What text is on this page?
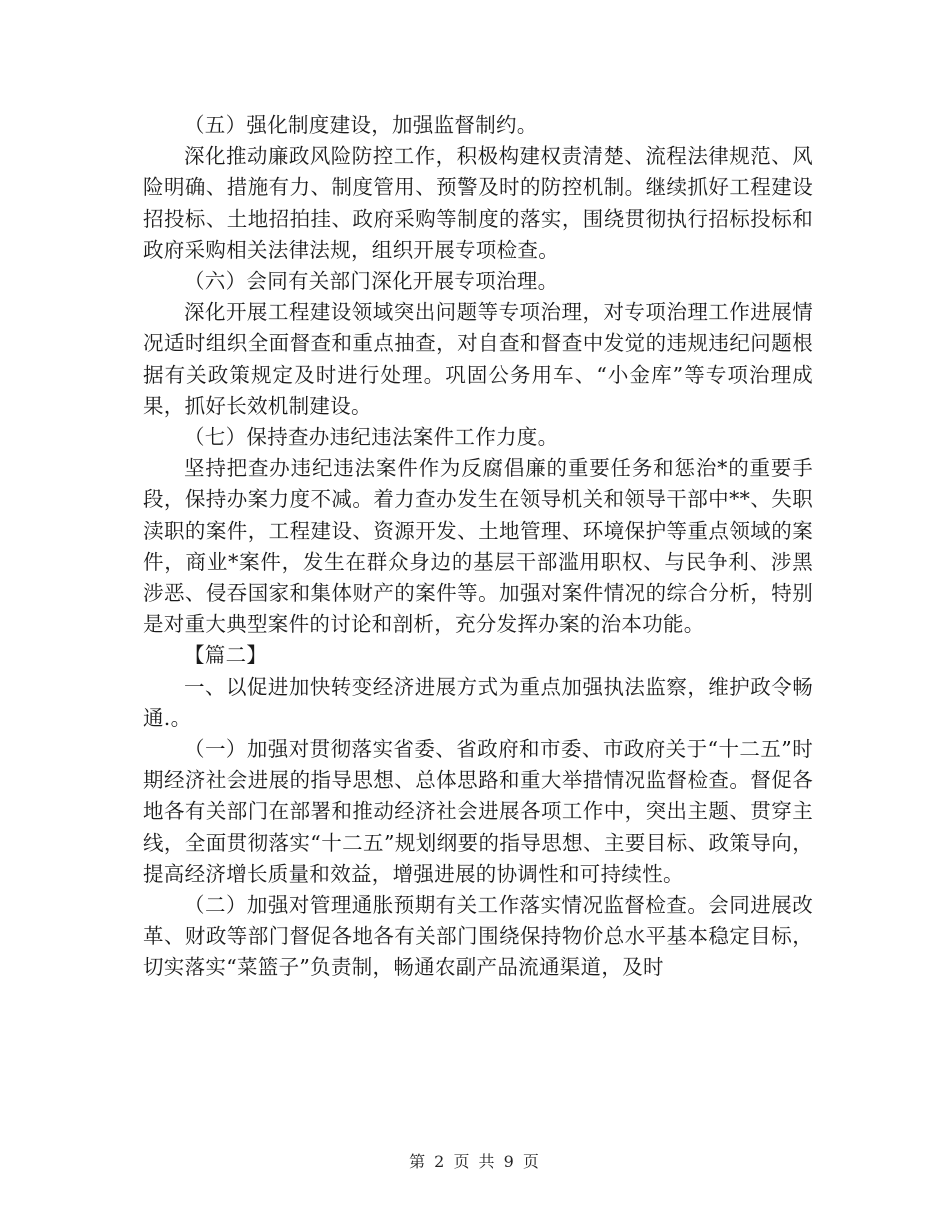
（五）强化制度建设，加强监督制约。

深化推动廉政风险防控工作，积极构建权责清楚、流程法律规范、风险明确、措施有力、制度管用、预警及时的防控机制。继续抓好工程建设招投标、土地招拍挂、政府采购等制度的落实，围绕贯彻执行招标投标和政府采购相关法律法规，组织开展专项检查。

（六）会同有关部门深化开展专项治理。

深化开展工程建设领域突出问题等专项治理，对专项治理工作进展情况适时组织全面督查和重点抽查，对自查和督查中发觉的违规违纪问题根据有关政策规定及时进行处理。巩固公务用车、“小金库”等专项治理成果，抓好长效机制建设。

（七）保持查办违纪违法案件工作力度。

坚持把查办违纪违法案件作为反腐倡廉的重要任务和惩治*的重要手段，保持办案力度不减。着力查办发生在领导机关和领导干部中**、失职渎职的案件，工程建设、资源开发、土地管理、环境保护等重点领域的案件，商业*案件，发生在群众身边的基层干部滥用职权、与民争利、涉黑涉恶、侵吞国家和集体财产的案件等。加强对案件情况的综合分析，特别是对重大典型案件的讨论和剖析，充分发挥办案的治本功能。

【篇二】

一、以促进加快转变经济进展方式为重点加强执法监察，维护政令畅通.。

（一）加强对贯彻落实省委、省政府和市委、市政府关于“十二五”时期经济社会进展的指导思想、总体思路和重大举措情况监督检查。督促各地各有关部门在部署和推动经济社会进展各项工作中，突出主题、贯穿主线，全面贯彻落实“十二五”规划纲要的指导思想、主要目标、政策导向，提高经济增长质量和效益，增强进展的协调性和可持续性。

（二）加强对管理通胀预期有关工作落实情况监督检查。会同进展改革、财政等部门督促各地各有关部门围绕保持物价总水平基本稳定目标，切实落实“菜篮子”负责制，畅通农副产品流通渠道，及时

第 2 页 共 9 页
